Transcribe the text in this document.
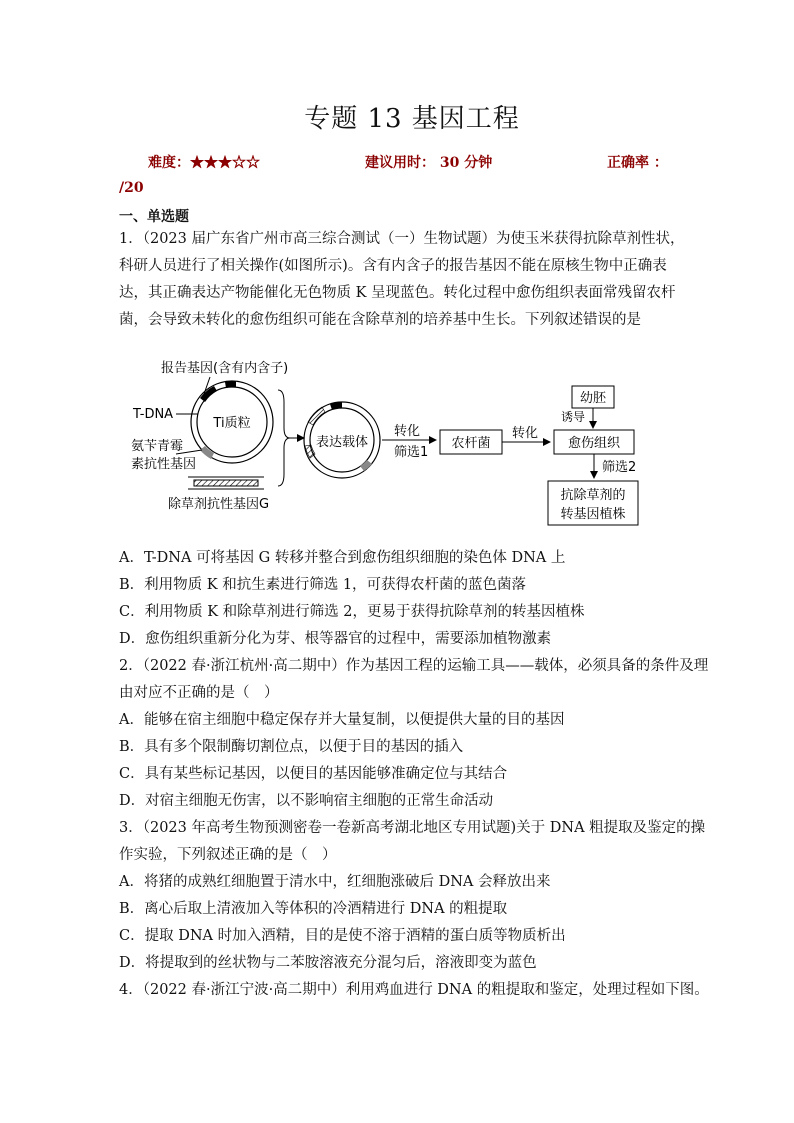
专题 13 基因工程
难度：★★★☆☆	建议用时： 30 分钟	正确率 ：
/20
一、单选题
1．（2023 届广东省广州市高三综合测试（一）生物试题）为使玉米获得抗除草剂性状，科研人员进行了相关操作(如图所示)。含有内含子的报告基因不能在原核生物中正确表达，其正确表达产物能催化无色物质 K 呈现蓝色。转化过程中愈伤组织表面常残留农杆菌，会导致未转化的愈伤组织可能在含除草剂的培养基中生长。下列叙述错误的是
Ti质粒
报告基因(含有内含子)
T-DNA
氨苄青霉
素抗性基因
除草剂抗性基因G
表达载体
转化
筛选1
农杆菌
转化
幼胚
诱导
愈伤组织
筛选2
抗除草剂的
转基因植株
A．T-DNA 可将基因 G 转移并整合到愈伤组织细胞的染色体 DNA 上
B．利用物质 K 和抗生素进行筛选 1，可获得农杆菌的蓝色菌落
C．利用物质 K 和除草剂进行筛选 2，更易于获得抗除草剂的转基因植株
D．愈伤组织重新分化为芽、根等器官的过程中，需要添加植物激素
2．（2022 春·浙江杭州·高二期中）作为基因工程的运输工具——载体，必须具备的条件及理
由对应不正确的是（　）
A．能够在宿主细胞中稳定保存并大量复制，以便提供大量的目的基因
B．具有多个限制酶切割位点，以便于目的基因的插入
C．具有某些标记基因，以便目的基因能够准确定位与其结合
D．对宿主细胞无伤害，以不影响宿主细胞的正常生命活动
3．（2023 年高考生物预测密卷一卷新高考湖北地区专用试题)关于 DNA 粗提取及鉴定的操
作实验，下列叙述正确的是（　）
A．将猪的成熟红细胞置于清水中，红细胞涨破后 DNA 会释放出来
B．离心后取上清液加入等体积的冷酒精进行 DNA 的粗提取
C．提取 DNA 时加入酒精，目的是使不溶于酒精的蛋白质等物质析出
D．将提取到的丝状物与二苯胺溶液充分混匀后，溶液即变为蓝色
4．（2022 春·浙江宁波·高二期中）利用鸡血进行 DNA 的粗提取和鉴定，处理过程如下图。
